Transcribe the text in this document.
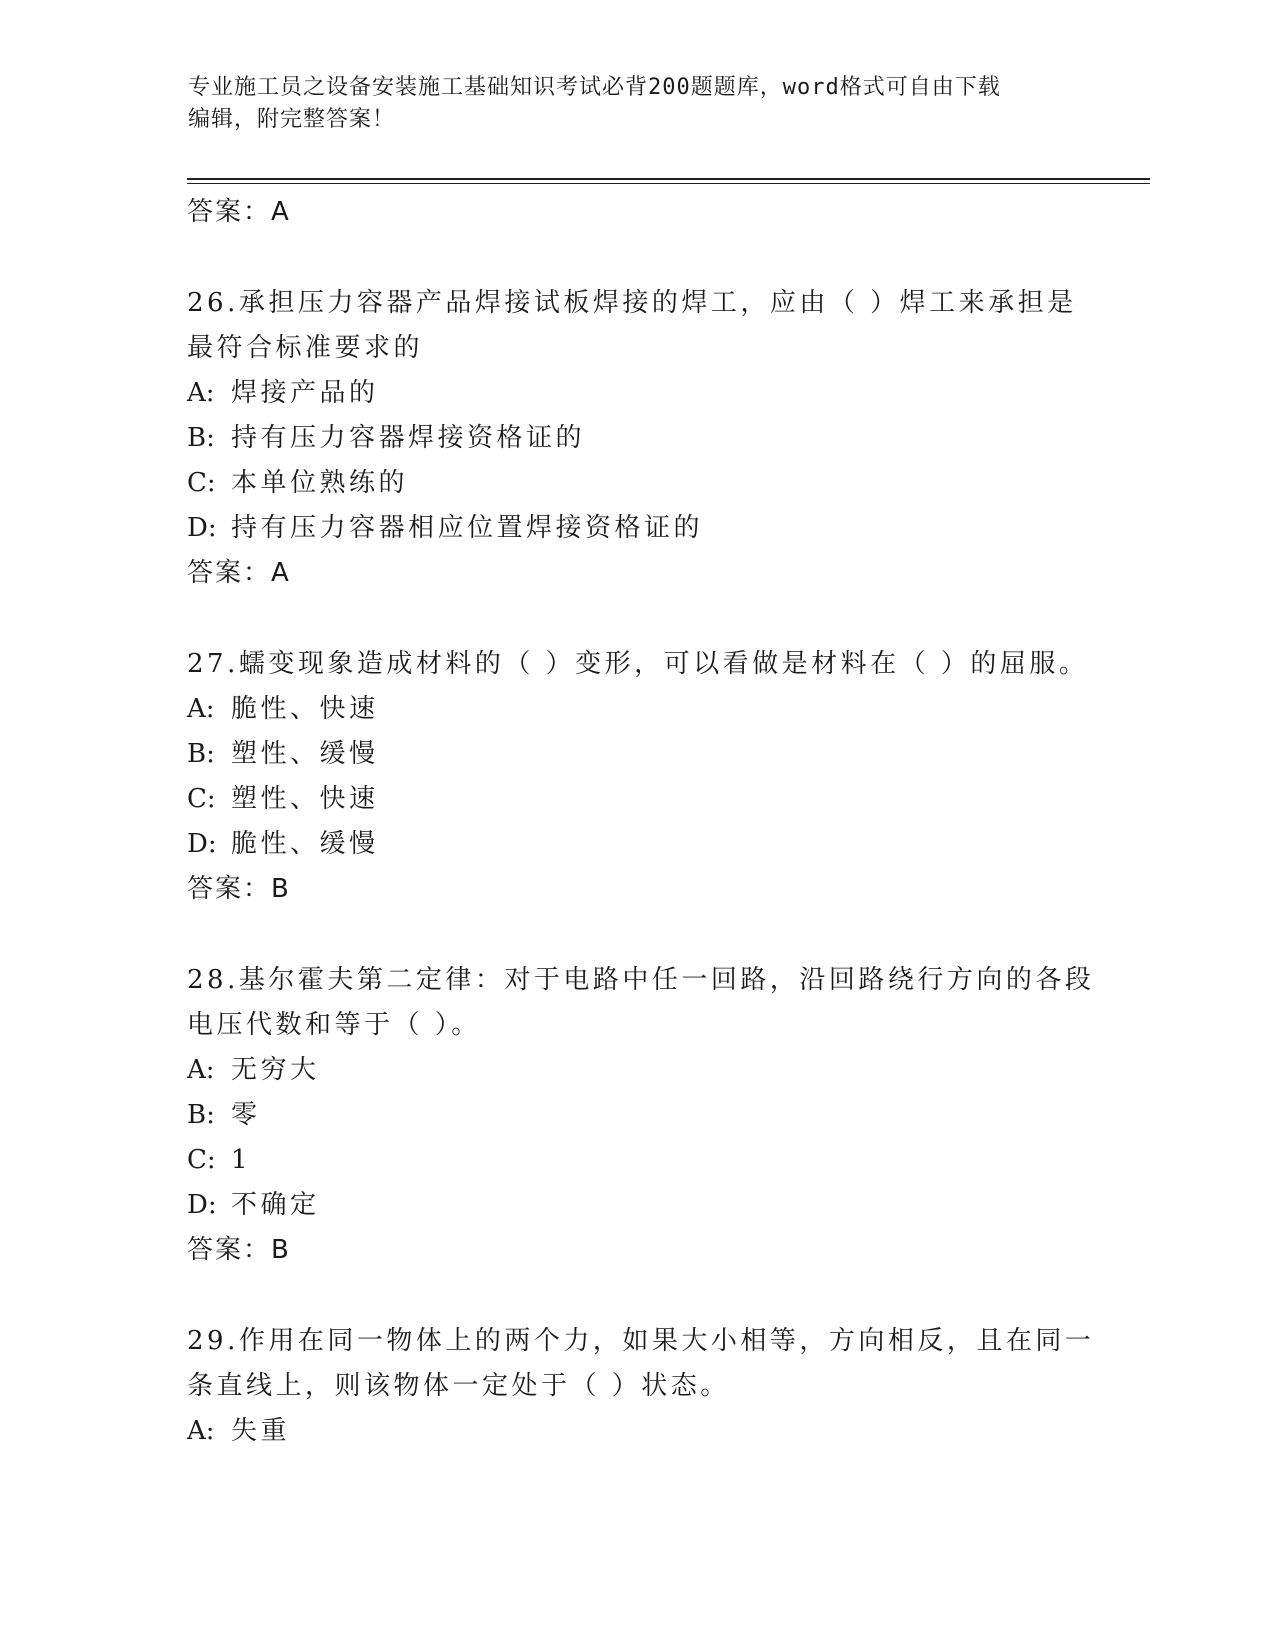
专业施工员之设备安装施工基础知识考试必背200题题库，word格式可自由下载
编辑，附完整答案！
答案：A
26.承担压力容器产品焊接试板焊接的焊工，应由（ ）焊工来承担是
最符合标准要求的
A: 焊接产品的
B: 持有压力容器焊接资格证的
C: 本单位熟练的
D: 持有压力容器相应位置焊接资格证的
答案：A
27.蠕变现象造成材料的（ ）变形，可以看做是材料在（ ）的屈服。
A: 脆性、快速
B: 塑性、缓慢
C: 塑性、快速
D: 脆性、缓慢
答案：B
28.基尔霍夫第二定律：对于电路中任一回路，沿回路绕行方向的各段
电压代数和等于（ ）。
A: 无穷大
B: 零
C: 1
D: 不确定
答案：B
29.作用在同一物体上的两个力，如果大小相等，方向相反，且在同一
条直线上，则该物体一定处于（ ）状态。
A: 失重
